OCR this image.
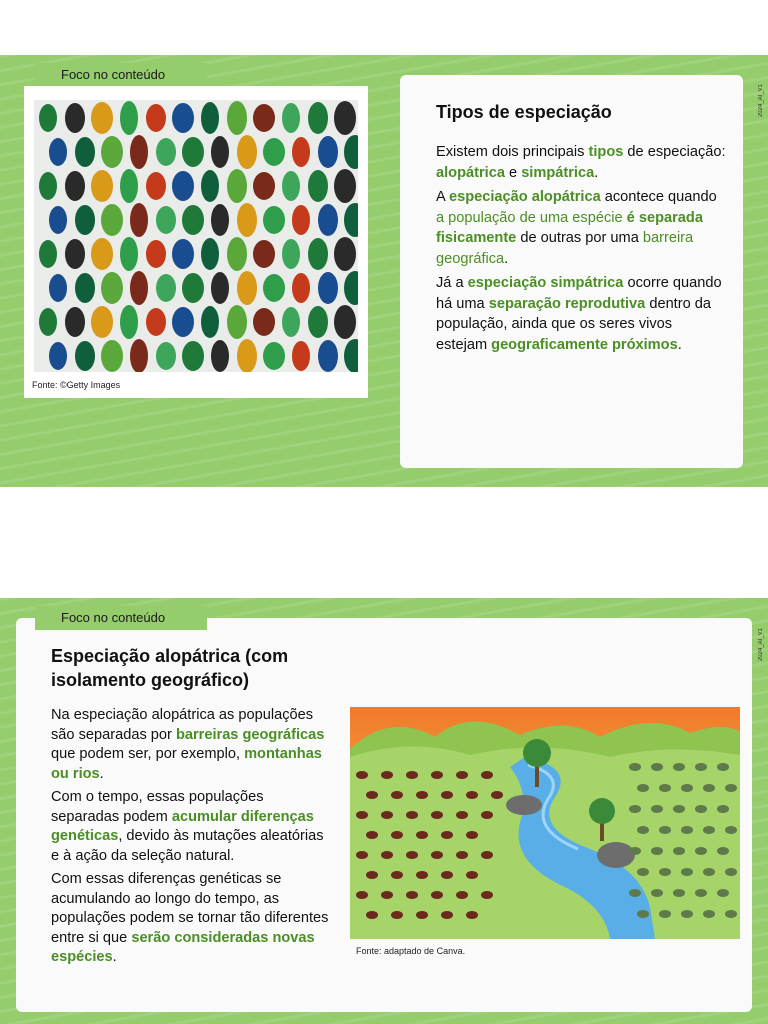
Foco no conteúdo
2024_AI_V1
Fonte: ©Getty Images
Tipos de especiação

Existem dois principais tipos de especiação: alopátrica e simpátrica.

A especiação alopátrica acontece quando a população de uma espécie é separada fisicamente de outras por uma barreira geográfica.

Já a especiação simpátrica ocorre quando há uma separação reprodutiva dentro da população, ainda que os seres vivos estejam geograficamente próximos.

Especiação alopátrica (com isolamento geográfico)

Na especiação alopátrica as populações são separadas por barreiras geográficas que podem ser, por exemplo, montanhas ou rios.

Com o tempo, essas populações separadas podem acumular diferenças genéticas, devido às mutações aleatórias e à ação da seleção natural.

Com essas diferenças genéticas se acumulando ao longo do tempo, as populações podem se tornar tão diferentes entre si que serão consideradas novas espécies.	Fonte: adaptado de Canva.
Foco no conteúdo
2024_AI_V1
